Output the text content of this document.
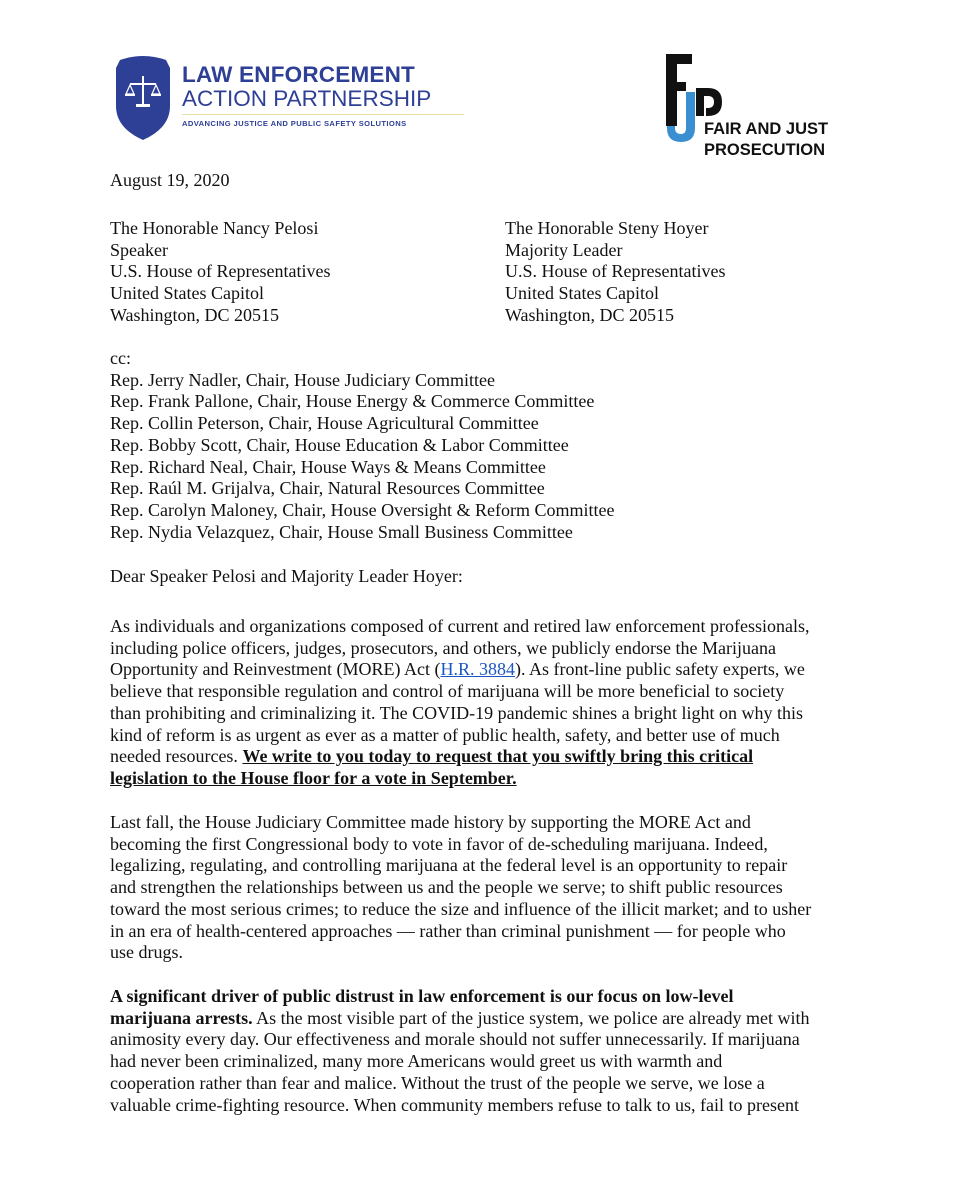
LAW ENFORCEMENT
ACTION PARTNERSHIP
ADVANCING JUSTICE AND PUBLIC SAFETY SOLUTIONS	FAIR AND JUST
PROSECUTION
August 19, 2020
The Honorable Nancy Pelosi
Speaker
U.S. House of Representatives
United States Capitol
Washington, DC 20515
The Honorable Steny Hoyer
Majority Leader
U.S. House of Representatives
United States Capitol
Washington, DC 20515
cc:
Rep. Jerry Nadler, Chair, House Judiciary Committee
Rep. Frank Pallone, Chair, House Energy & Commerce Committee
Rep. Collin Peterson, Chair, House Agricultural Committee
Rep. Bobby Scott, Chair, House Education & Labor Committee
Rep. Richard Neal, Chair, House Ways & Means Committee
Rep. Raúl M. Grijalva, Chair, Natural Resources Committee
Rep. Carolyn Maloney, Chair, House Oversight & Reform Committee
Rep. Nydia Velazquez, Chair, House Small Business Committee
Dear Speaker Pelosi and Majority Leader Hoyer:
As individuals and organizations composed of current and retired law enforcement professionals,
including police officers, judges, prosecutors, and others, we publicly endorse the Marijuana
Opportunity and Reinvestment (MORE) Act (H.R. 3884). As front-line public safety experts, we
believe that responsible regulation and control of marijuana will be more beneficial to society
than prohibiting and criminalizing it. The COVID-19 pandemic shines a bright light on why this
kind of reform is as urgent as ever as a matter of public health, safety, and better use of much
needed resources. We write to you today to request that you swiftly bring this critical
legislation to the House floor for a vote in September.
Last fall, the House Judiciary Committee made history by supporting the MORE Act and
becoming the first Congressional body to vote in favor of de-scheduling marijuana. Indeed,
legalizing, regulating, and controlling marijuana at the federal level is an opportunity to repair
and strengthen the relationships between us and the people we serve; to shift public resources
toward the most serious crimes; to reduce the size and influence of the illicit market; and to usher
in an era of health-centered approaches — rather than criminal punishment — for people who
use drugs.
A significant driver of public distrust in law enforcement is our focus on low-level
marijuana arrests. As the most visible part of the justice system, we police are already met with
animosity every day. Our effectiveness and morale should not suffer unnecessarily. If marijuana
had never been criminalized, many more Americans would greet us with warmth and
cooperation rather than fear and malice. Without the trust of the people we serve, we lose a
valuable crime-fighting resource. When community members refuse to talk to us, fail to present
